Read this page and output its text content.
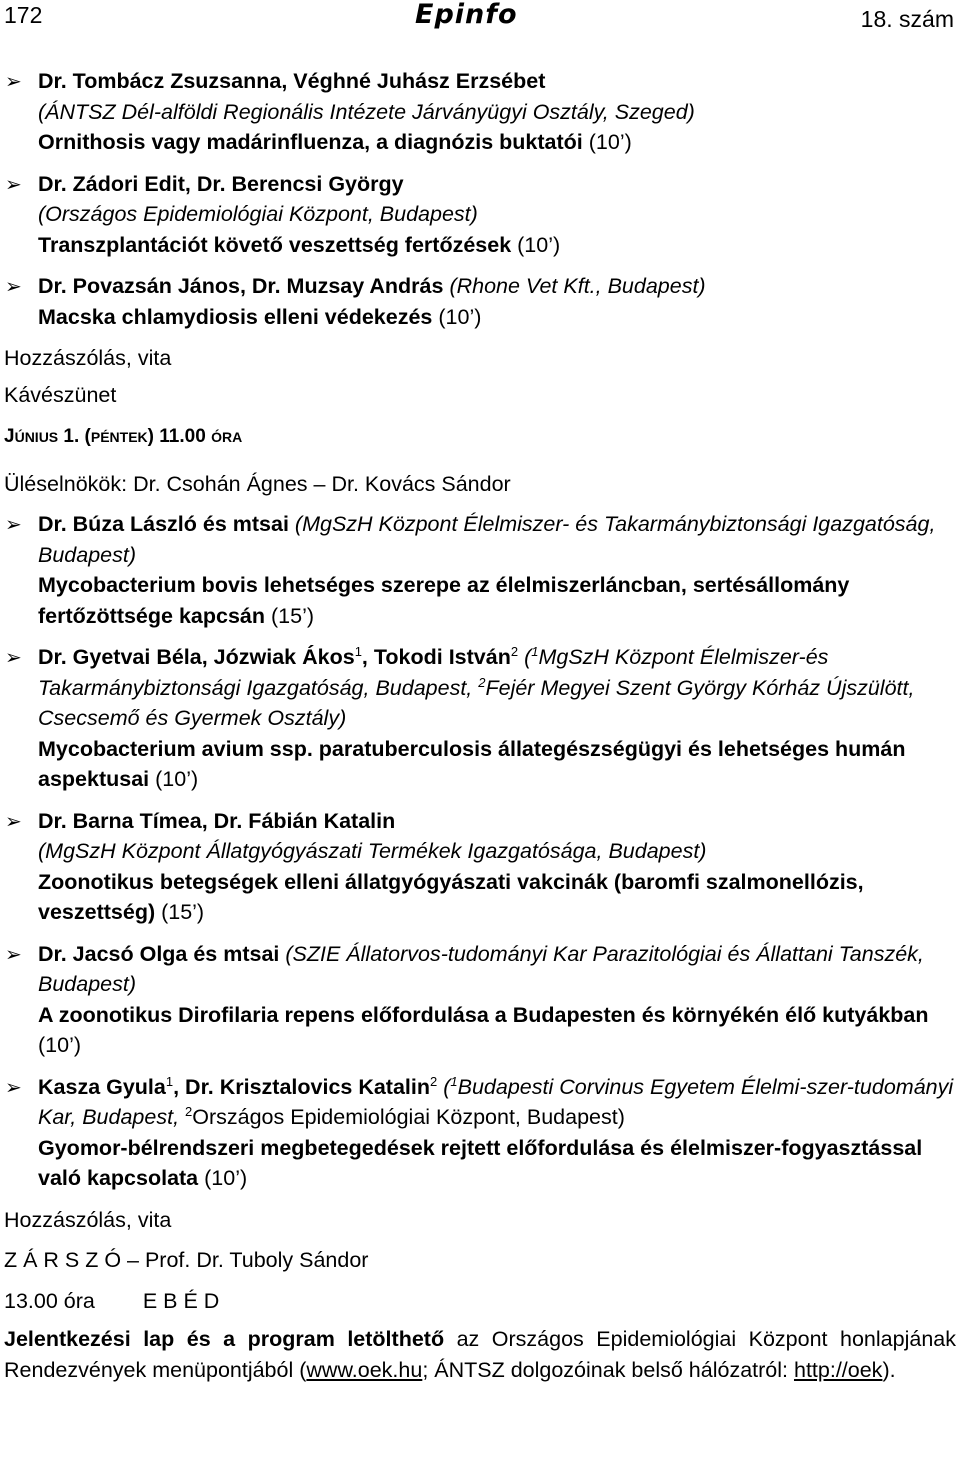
172	Epinfo	18. szám
➢ Dr. Tombácz Zsuzsanna, Véghné Juhász Erzsébet
(ÁNTSZ Dél-alföldi Regionális Intézete Járványügyi Osztály, Szeged)
Ornithosis vagy madárinfluenza, a diagnózis buktatói (10’)
➢ Dr. Zádori Edit, Dr. Berencsi György
(Országos Epidemiológiai Központ, Budapest)
Transzplantációt követő veszettség fertőzések (10’)
➢ Dr. Povazsán János, Dr. Muzsay András (Rhone Vet Kft., Budapest)
Macska chlamydiosis elleni védekezés (10’)
Hozzászólás, vita
Kávészünet
JÚNIUS 1. (PÉNTEK) 11.00 ÓRA
Üléselnökök: Dr. Csohán Ágnes – Dr. Kovács Sándor
➢ Dr. Búza László és mtsai (MgSzH Központ Élelmiszer- és Takarmánybiztonsági Igazgatóság, Budapest)
Mycobacterium bovis lehetséges szerepe az élelmiszerláncban, sertésállomány fertőzöttsége kapcsán (15’)
➢ Dr. Gyetvai Béla, Józwiak Ákos$^1$, Tokodi István$^2$ ($^1$MgSzH Központ Élelmiszer-és Takarmánybiztonsági Igazgatóság, Budapest, $^2$Fejér Megyei Szent György Kórház Újszülött, Csecsemő és Gyermek Osztály)
Mycobacterium avium ssp. paratuberculosis állategészségügyi és lehetséges humán aspektusai (10’)
➢ Dr. Barna Tímea, Dr. Fábián Katalin
(MgSzH Központ Állatgyógyászati Termékek Igazgatósága, Budapest)
Zoonotikus betegségek elleni állatgyógyászati vakcinák (baromfi szalmonellózis, veszettség) (15’)
➢ Dr. Jacsó Olga és mtsai (SZIE Állatorvos-tudományi Kar Parazitológiai és Állattani Tanszék, Budapest)
A zoonotikus Dirofilaria repens előfordulása a Budapesten és környékén élő kutyákban (10’)
➢ Kasza Gyula$^1$, Dr. Krisztalovics Katalin$^2$ ($^1$Budapesti Corvinus Egyetem Élelmi-szer-tudományi Kar, Budapest, $^2$Országos Epidemiológiai Központ, Budapest)
Gyomor-bélrendszeri megbetegedések rejtett előfordulása és élelmiszer-fogyasztással való kapcsolata (10’)
Hozzászólás, vita
Z Á R S Z Ó – Prof. Dr. Tuboly Sándor
13.00 óra E B É D
Jelentkezési lap és a program letölthető az Országos Epidemiológiai Központ honlapjának Rendezvények menüpontjából (www.oek.hu; ÁNTSZ dolgozóinak belső hálózatról: http://oek).
